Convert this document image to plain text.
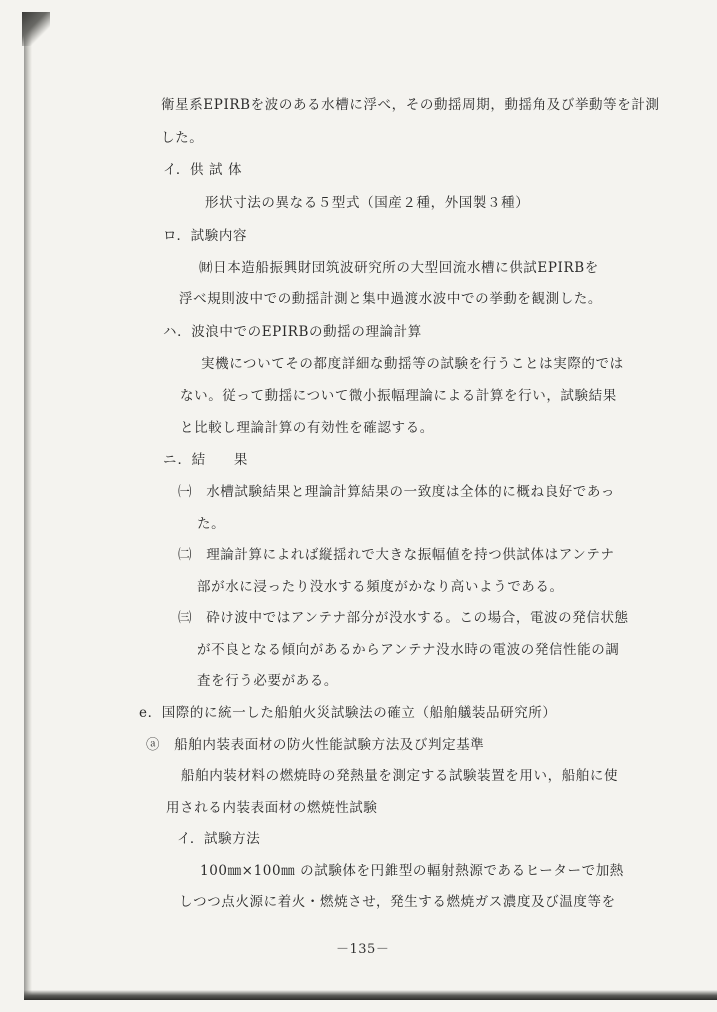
衛星系EPIRBを波のある水槽に浮べ，その動揺周期，動揺角及び挙動等を計測
した。
イ．供 試 体
形状寸法の異なる５型式（国産２種，外国製３種）
ロ．試験内容
㈶日本造船振興財団筑波研究所の大型回流水槽に供試EPIRBを
浮べ規則波中での動揺計測と集中過渡水波中での挙動を観測した。
ハ．波浪中でのEPIRBの動揺の理論計算
実機についてその都度詳細な動揺等の試験を行うことは実際的では
ない。従って動揺について微小振幅理論による計算を行い，試験結果
と比較し理論計算の有効性を確認する。
ニ．結　　果
㈠　水槽試験結果と理論計算結果の一致度は全体的に概ね良好であっ
た。
㈡　理論計算によれば縦揺れで大きな振幅値を持つ供試体はアンテナ
部が水に浸ったり没水する頻度がかなり高いようである。
㈢　砕け波中ではアンテナ部分が没水する。この場合，電波の発信状態
が不良となる傾向があるからアンテナ没水時の電波の発信性能の調
査を行う必要がある。
e．国際的に統一した船舶火災試験法の確立（船舶艤装品研究所）
ⓐ　船舶内装表面材の防火性能試験方法及び判定基準
船舶内装材料の燃焼時の発熱量を測定する試験装置を用い，船舶に使
用される内装表面材の燃焼性試験
イ．試験方法
100㎜×100㎜ の試験体を円錐型の輻射熱源であるヒーターで加熱
しつつ点火源に着火・燃焼させ，発生する燃焼ガス濃度及び温度等を
－135－
